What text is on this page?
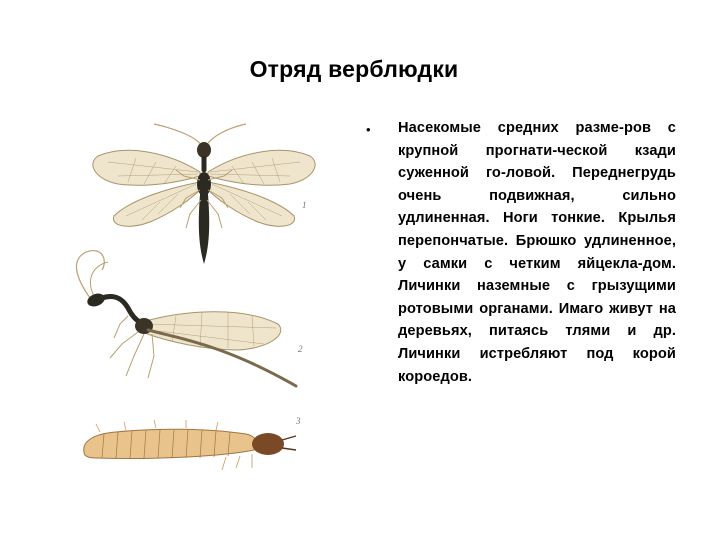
Отряд верблюдки
1
2
3
• Насекомые средних разме-ров с крупной прогнати-ческой кзади суженной го-ловой. Переднегрудь очень подвижная, сильно удлиненная. Ноги тонкие. Крылья перепончатые. Брюшко удлиненное, у самки с четким яйцекла-дом. Личинки наземные с грызущими ротовыми органами. Имаго живут на деревьях, питаясь тлями и др. Личинки истребляют под корой короедов.
